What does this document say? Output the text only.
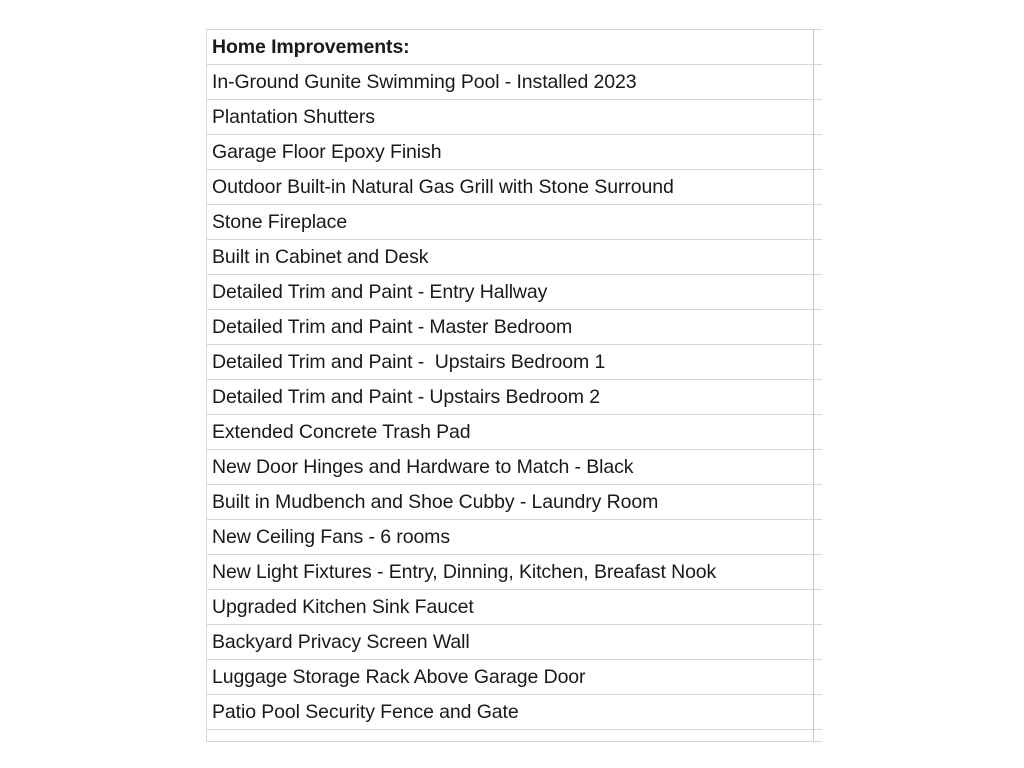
Home Improvements:	
In-Ground Gunite Swimming Pool - Installed 2023	
Plantation Shutters	
Garage Floor Epoxy Finish	
Outdoor Built-in Natural Gas Grill with Stone Surround	
Stone Fireplace	
Built in Cabinet and Desk	
Detailed Trim and Paint - Entry Hallway	
Detailed Trim and Paint - Master Bedroom	
Detailed Trim and Paint -  Upstairs Bedroom 1	
Detailed Trim and Paint - Upstairs Bedroom 2	
Extended Concrete Trash Pad	
New Door Hinges and Hardware to Match - Black	
Built in Mudbench and Shoe Cubby - Laundry Room	
New Ceiling Fans - 6 rooms	
New Light Fixtures - Entry, Dinning, Kitchen, Breafast Nook	
Upgraded Kitchen Sink Faucet	
Backyard Privacy Screen Wall	
Luggage Storage Rack Above Garage Door	
Patio Pool Security Fence and Gate	
